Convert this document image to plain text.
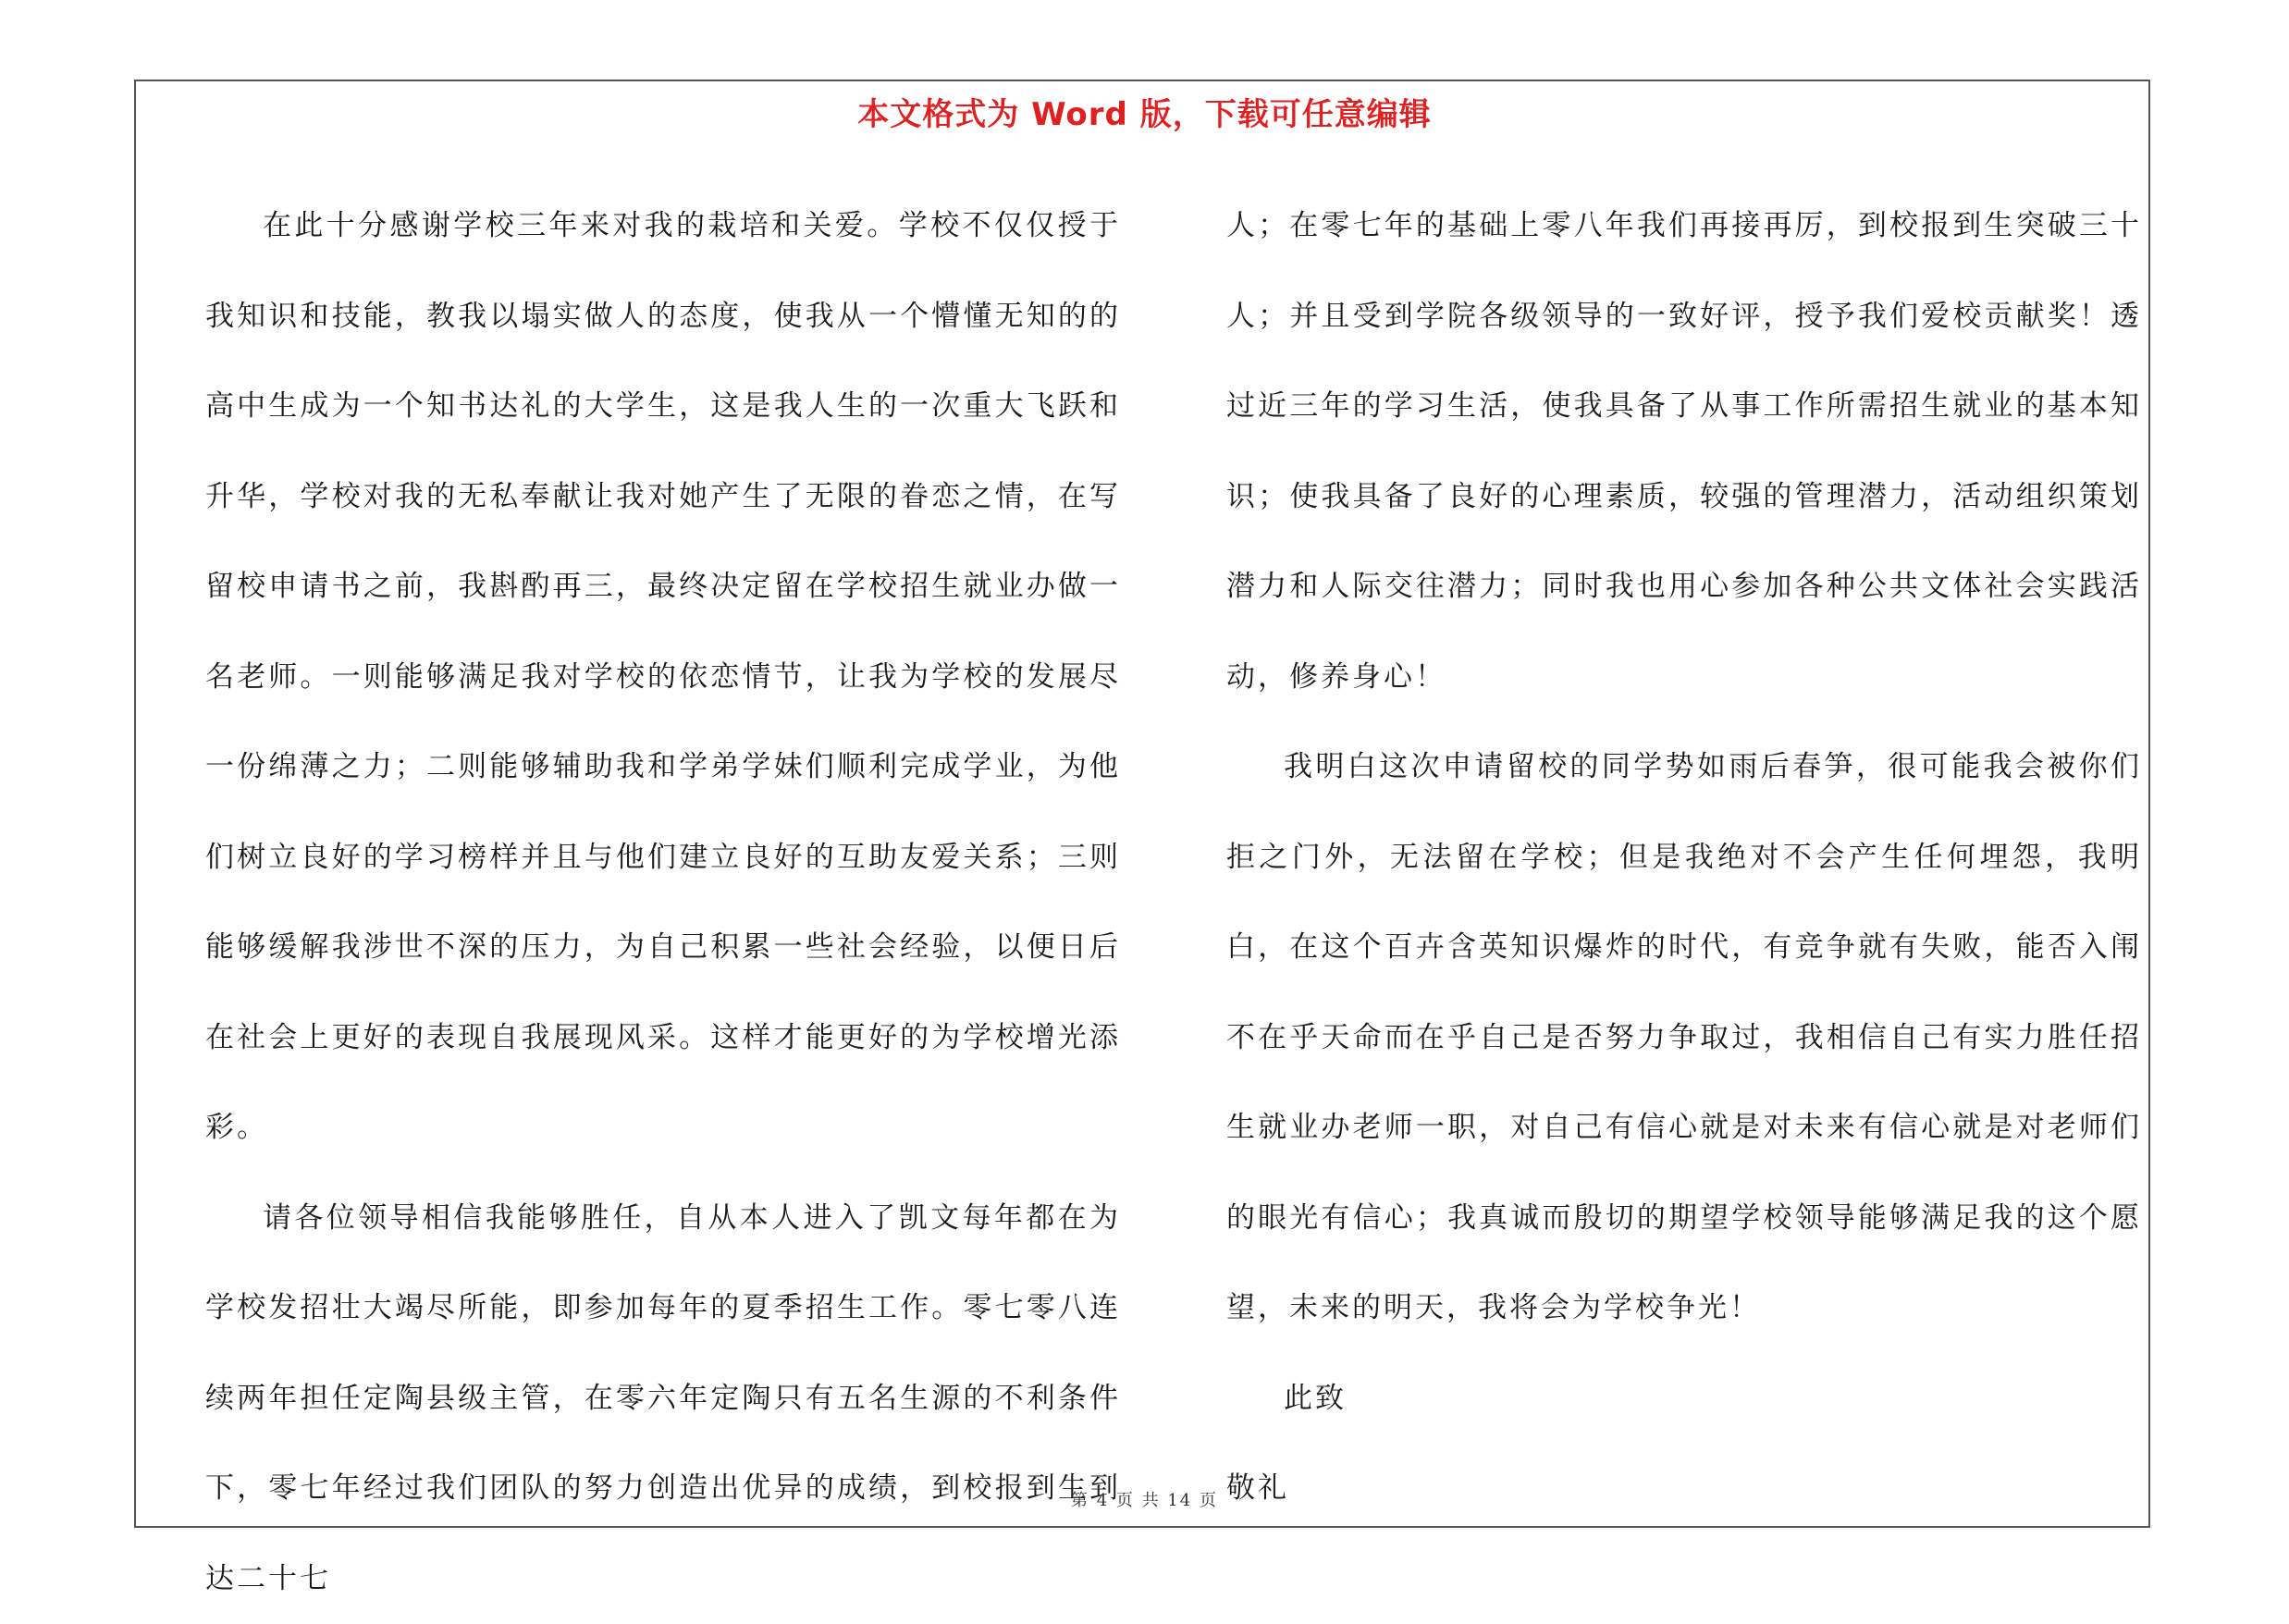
本文格式为 Word 版，下载可任意编辑

在此十分感谢学校三年来对我的栽培和关爱。学校不仅仅授于我知识和技能，教我以塌实做人的态度，使我从一个懵懂无知的的高中生成为一个知书达礼的大学生，这是我人生的一次重大飞跃和升华，学校对我的无私奉献让我对她产生了无限的眷恋之情，在写留校申请书之前，我斟酌再三，最终决定留在学校招生就业办做一名老师。一则能够满足我对学校的依恋情节，让我为学校的发展尽一份绵薄之力；二则能够辅助我和学弟学妹们顺利完成学业，为他们树立良好的学习榜样并且与他们建立良好的互助友爱关系；三则能够缓解我涉世不深的压力，为自己积累一些社会经验，以便日后在社会上更好的表现自我展现风采。这样才能更好的为学校增光添彩。

请各位领导相信我能够胜任，自从本人进入了凯文每年都在为学校发招壮大竭尽所能，即参加每年的夏季招生工作。零七零八连续两年担任定陶县级主管，在零六年定陶只有五名生源的不利条件下，零七年经过我们团队的努力创造出优异的成绩，到校报到生到达二十七

人；在零七年的基础上零八年我们再接再厉，到校报到生突破三十人；并且受到学院各级领导的一致好评，授予我们爱校贡献奖！透过近三年的学习生活，使我具备了从事工作所需招生就业的基本知识；使我具备了良好的心理素质，较强的管理潜力，活动组织策划潜力和人际交往潜力；同时我也用心参加各种公共文体社会实践活动，修养身心！

我明白这次申请留校的同学势如雨后春笋，很可能我会被你们拒之门外，无法留在学校；但是我绝对不会产生任何埋怨，我明白，在这个百卉含英知识爆炸的时代，有竞争就有失败，能否入闱不在乎天命而在乎自己是否努力争取过，我相信自己有实力胜任招生就业办老师一职，对自己有信心就是对未来有信心就是对老师们的眼光有信心；我真诚而殷切的期望学校领导能够满足我的这个愿望，未来的明天，我将会为学校争光！

此致

敬礼

第 4 页 共 14 页
